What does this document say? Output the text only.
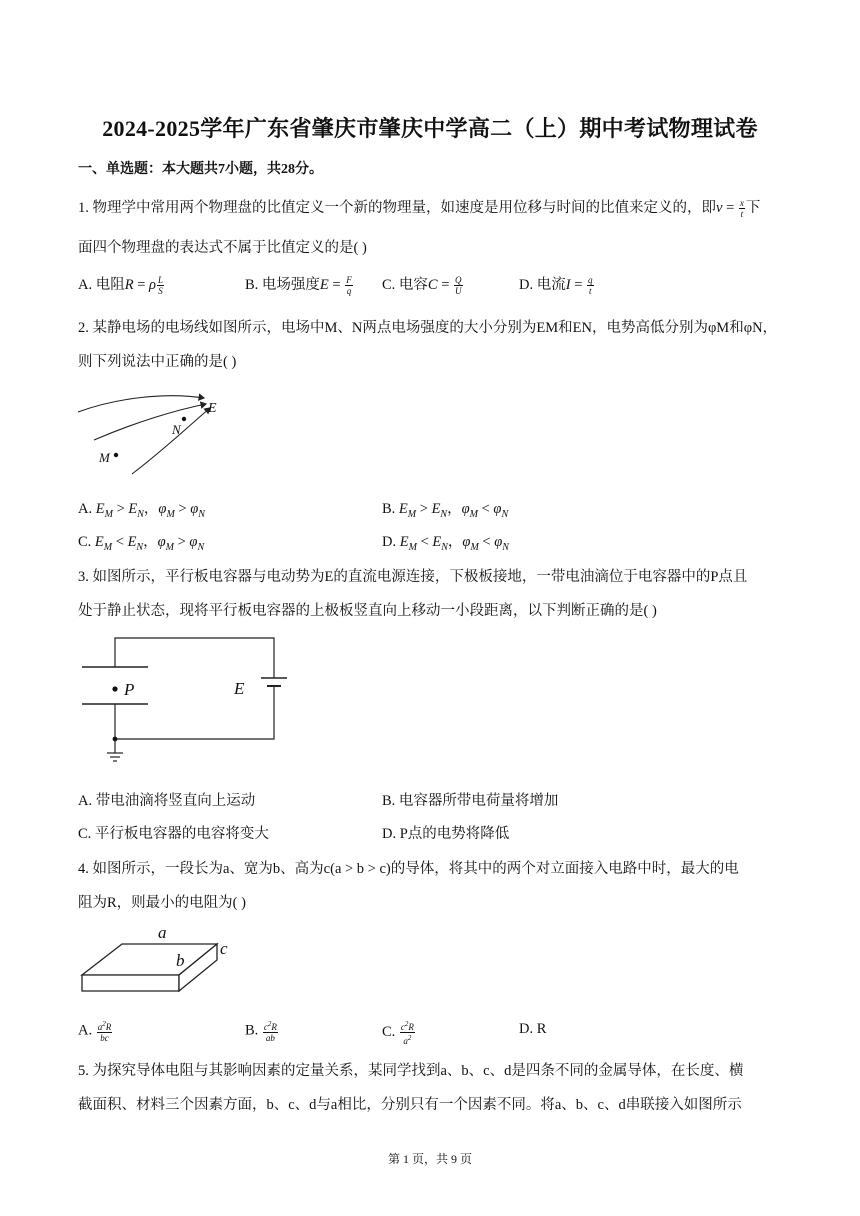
2024-2025学年广东省肇庆市肇庆中学高二（上）期中考试物理试卷
一、单选题：本大题共7小题，共28分。
1. 物理学中常用两个物理盘的比值定义一个新的物理量，如速度是用位移与时间的比值来定义的，即$v = \frac{x}{t}$ 下
面四个物理盘的表达式不属于比值定义的是( )
A. 电阻R = ρ $\frac{L}{S}$	B. 电场强度$E = \frac{F}{q} C$. 电容$C = \frac{Q}{U}$	D. 电流$I = \frac{q}{t}$
2. 某静电场的电场线如图所示，电场中M、N两点电场强度的大小分别为EM和EN，电势高低分别为φM和φN，
则下列说法中正确的是( )
E
N
M
A. $E_M > E_N$，$\varphi_M > \varphi_N$	B. $E_M > E_N$，$\varphi_M < \varphi_N$
C. $E_M < E_N$，$\varphi_M > \varphi_N$	D. $E_M < E_N$，$\varphi_M < \varphi_N$
3. 如图所示，平行板电容器与电动势为E的直流电源连接，下极板接地，一带电油滴位于电容器中的P点且
处于静止状态，现将平行板电容器的上极板竖直向上移动一小段距离，以下判断正确的是( )
P	E
A. 带电油滴将竖直向上运动	B. 电容器所带电荷量将增加
C. 平行板电容器的电容将变大	D. P点的电势将降低
4. 如图所示，一段长为a、宽为b、高为c(a > b > c)的导体，将其中的两个对立面接入电路中时，最大的电
阻为R，则最小的电阻为( )
a
b
c
A. $\frac{a^2R}{bc}$	B. $\frac{c^2R}{ab}$	C. $\frac{c^2R}{a^2}$	D. R
5. 为探究导体电阻与其影响因素的定量关系，某同学找到a、b、c、d是四条不同的金属导体，在长度、横
截面积、材料三个因素方面，b、c、d与a相比，分别只有一个因素不同。将a、b、c、d串联接入如图所示
第 1 页，共 9 页
